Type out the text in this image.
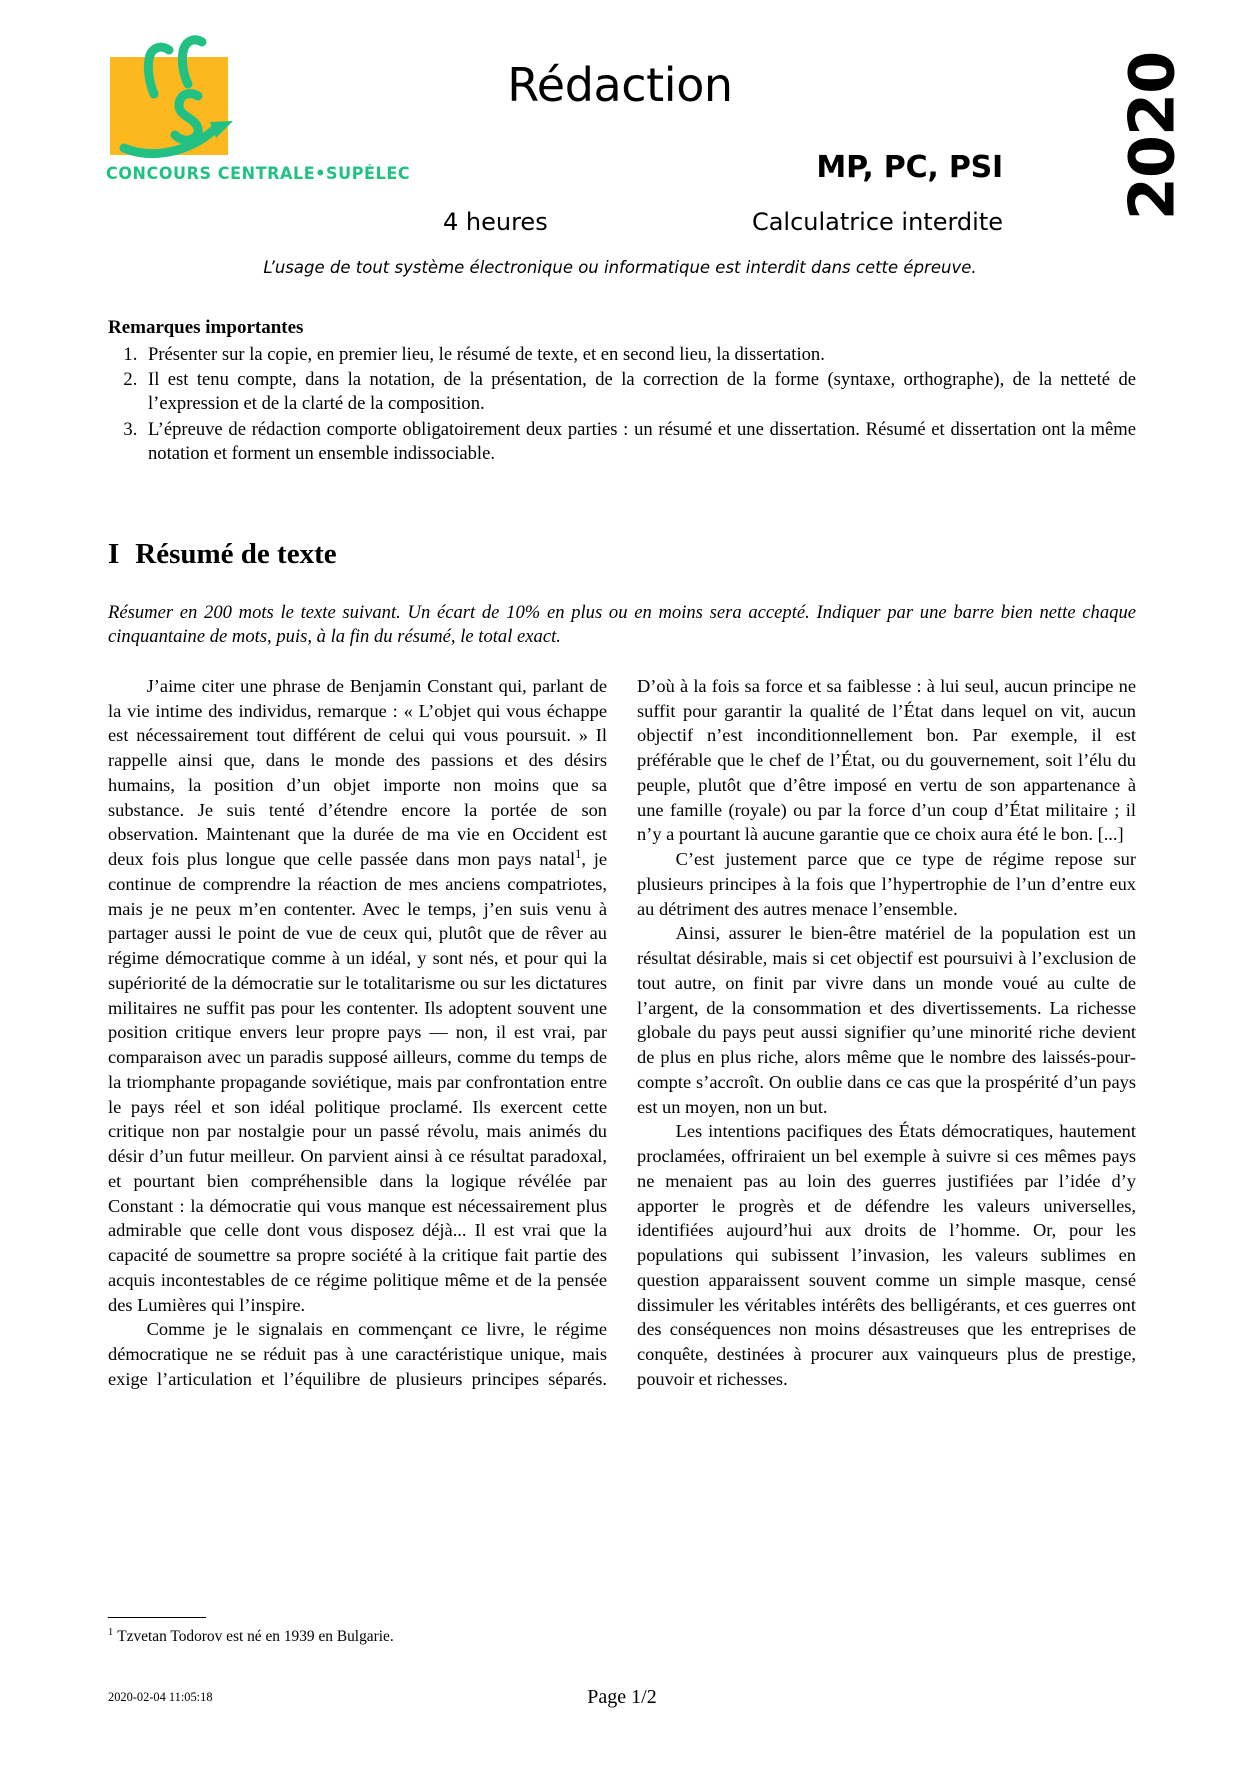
CONCOURS CENTRALE•SUPÉLEC
Rédaction
MP, PC, PSI
4 heures	Calculatrice interdite
2020
L’usage de tout système électronique ou informatique est interdit dans cette épreuve.
Remarques importantes
1. Présenter sur la copie, en premier lieu, le résumé de texte, et en second lieu, la dissertation.
2. Il est tenu compte, dans la notation, de la présentation, de la correction de la forme (syntaxe, orthographe), de la netteté de l’expression et de la clarté de la composition.
3. L’épreuve de rédaction comporte obligatoirement deux parties : un résumé et une dissertation. Résumé et dissertation ont la même notation et forment un ensemble indissociable.
I Résumé de texte
Résumer en 200 mots le texte suivant. Un écart de 10% en plus ou en moins sera accepté. Indiquer par une barre bien nette chaque cinquantaine de mots, puis, à la fin du résumé, le total exact.

J’aime citer une phrase de Benjamin Constant qui, parlant de la vie intime des individus, remarque : « L’objet qui vous échappe est nécessairement tout différent de celui qui vous poursuit. » Il rappelle ainsi que, dans le monde des passions et des désirs humains, la position d’un objet importe non moins que sa substance. Je suis tenté d’étendre encore la portée de son observation. Maintenant que la durée de ma vie en Occident est deux fois plus longue que celle passée dans mon pays natal$^1$, je continue de comprendre la réaction de mes anciens compatriotes, mais je ne peux m’en contenter. Avec le temps, j’en suis venu à partager aussi le point de vue de ceux qui, plutôt que de rêver au régime démocratique comme à un idéal, y sont nés, et pour qui la supériorité de la démocratie sur le totalitarisme ou sur les dictatures militaires ne suffit pas pour les contenter. Ils adoptent souvent une position critique envers leur propre pays — non, il est vrai, par comparaison avec un paradis supposé ailleurs, comme du temps de la triomphante propagande soviétique, mais par confrontation entre le pays réel et son idéal politique proclamé. Ils exercent cette critique non par nostalgie pour un passé révolu, mais animés du désir d’un futur meilleur. On parvient ainsi à ce résultat paradoxal, et pourtant bien compréhensible dans la logique révélée par Constant : la démocratie qui vous manque est nécessairement plus admirable que celle dont vous disposez déjà... Il est vrai que la capacité de soumettre sa propre société à la critique fait partie des acquis incontestables de ce régime politique même et de la pensée des Lumières qui l’inspire.

Comme je le signalais en commençant ce livre, le régime démocratique ne se réduit pas à une caractéristique unique, mais exige l’articulation et l’équilibre de plusieurs principes séparés. D’où à la fois sa force et sa faiblesse : à lui seul, aucun principe ne suffit pour garantir la qualité de l’État dans lequel on vit, aucun objectif n’est inconditionnellement bon. Par exemple, il est préférable que le chef de l’État, ou du gouvernement, soit l’élu du peuple, plutôt que d’être imposé en vertu de son appartenance à une famille (royale) ou par la force d’un coup d’État militaire ; il n’y a pourtant là aucune garantie que ce choix aura été le bon. [...]

C’est justement parce que ce type de régime repose sur plusieurs principes à la fois que l’hypertrophie de l’un d’entre eux au détriment des autres menace l’ensemble.

Ainsi, assurer le bien-être matériel de la population est un résultat désirable, mais si cet objectif est poursuivi à l’exclusion de tout autre, on finit par vivre dans un monde voué au culte de l’argent, de la consommation et des divertissements. La richesse globale du pays peut aussi signifier qu’une minorité riche devient de plus en plus riche, alors même que le nombre des laissés-pour-compte s’accroît. On oublie dans ce cas que la prospérité d’un pays est un moyen, non un but.

Les intentions pacifiques des États démocratiques, hautement proclamées, offriraient un bel exemple à suivre si ces mêmes pays ne menaient pas au loin des guerres justifiées par l’idée d’y apporter le progrès et de défendre les valeurs universelles, identifiées aujourd’hui aux droits de l’homme. Or, pour les populations qui subissent l’invasion, les valeurs sublimes en question apparaissent souvent comme un simple masque, censé dissimuler les véritables intérêts des belligérants, et ces guerres ont des conséquences non moins désastreuses que les entreprises de conquête, destinées à procurer aux vainqueurs plus de prestige, pouvoir et richesses.

$^1$ Tzvetan Todorov est né en 1939 en Bulgarie.
2020-02-04 11:05:18	Page 1/2
